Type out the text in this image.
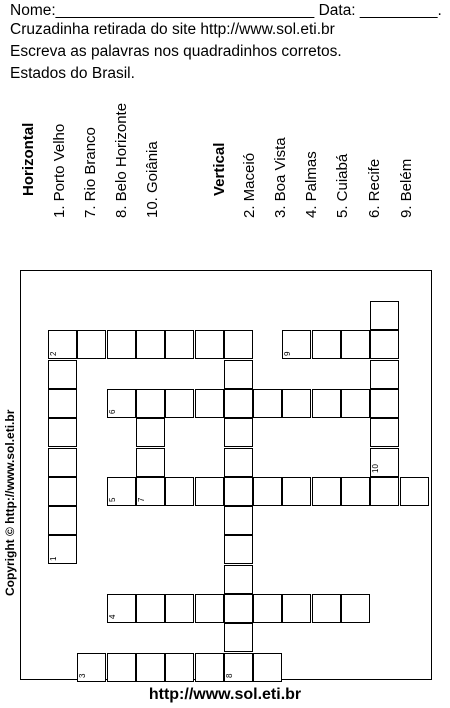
Nome:______________________________ Data: _________.
Cruzadinha retirada do site http://www.sol.eti.br
Escreva as palavras nos quadradinhos corretos.
Estados do Brasil.
Horizontal 1. Porto Velho 7. Rio Branco 8. Belo Horizonte 10. Goiânia	Vertical 2. Maceió 3. Boa Vista 4. Palmas 5. Cuiabá 6. Recife 9. Belém
Copyright © http://www.sol.eti.br
2	9
6
10
5	7
1
4
3	8
http://www.sol.eti.br
